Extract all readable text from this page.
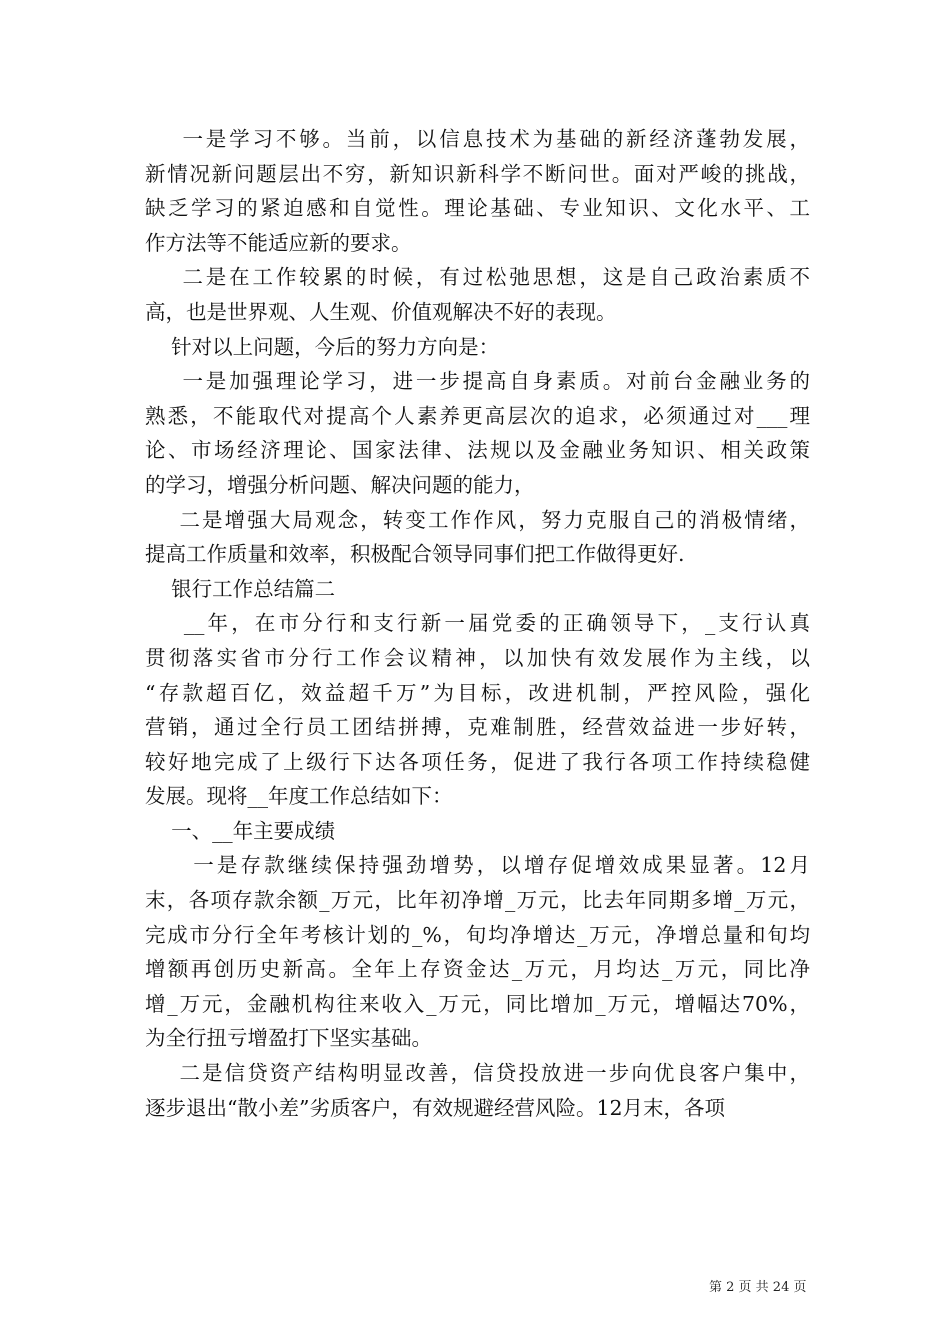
一是学习不够。当前，以信息技术为基础的新经济蓬勃发展，
新情况新问题层出不穷，新知识新科学不断问世。面对严峻的挑战，
缺乏学习的紧迫感和自觉性。理论基础、专业知识、文化水平、工
作方法等不能适应新的要求。
二是在工作较累的时候，有过松弛思想，这是自己政治素质不
高，也是世界观、人生观、价值观解决不好的表现。
针对以上问题，今后的努力方向是：
一是加强理论学习，进一步提高自身素质。对前台金融业务的
熟悉，不能取代对提高个人素养更高层次的追求，必须通过对___理
论、市场经济理论、国家法律、法规以及金融业务知识、相关政策
的学习，增强分析问题、解决问题的能力，
二是增强大局观念，转变工作作风，努力克服自己的消极情绪，
提高工作质量和效率，积极配合领导同事们把工作做得更好.
银行工作总结篇二
__年，在市分行和支行新一届党委的正确领导下，_支行认真
贯彻落实省市分行工作会议精神，以加快有效发展作为主线，以
“存款超百亿，效益超千万”为目标，改进机制，严控风险，强化
营销，通过全行员工团结拼搏，克难制胜，经营效益进一步好转，
较好地完成了上级行下达各项任务，促进了我行各项工作持续稳健
发展。现将__年度工作总结如下：
一、__年主要成绩
一是存款继续保持强劲增势，以增存促增效成果显著。12月
末，各项存款余额_万元，比年初净增_万元，比去年同期多增_万元，
完成市分行全年考核计划的_%，旬均净增达_万元，净增总量和旬均
增额再创历史新高。全年上存资金达_万元，月均达_万元，同比净
增_万元，金融机构往来收入_万元，同比增加_万元，增幅达70%，
为全行扭亏增盈打下坚实基础。
二是信贷资产结构明显改善，信贷投放进一步向优良客户集中，
逐步退出“散小差”劣质客户，有效规避经营风险。12月末，各项
第 2 页 共 24 页
